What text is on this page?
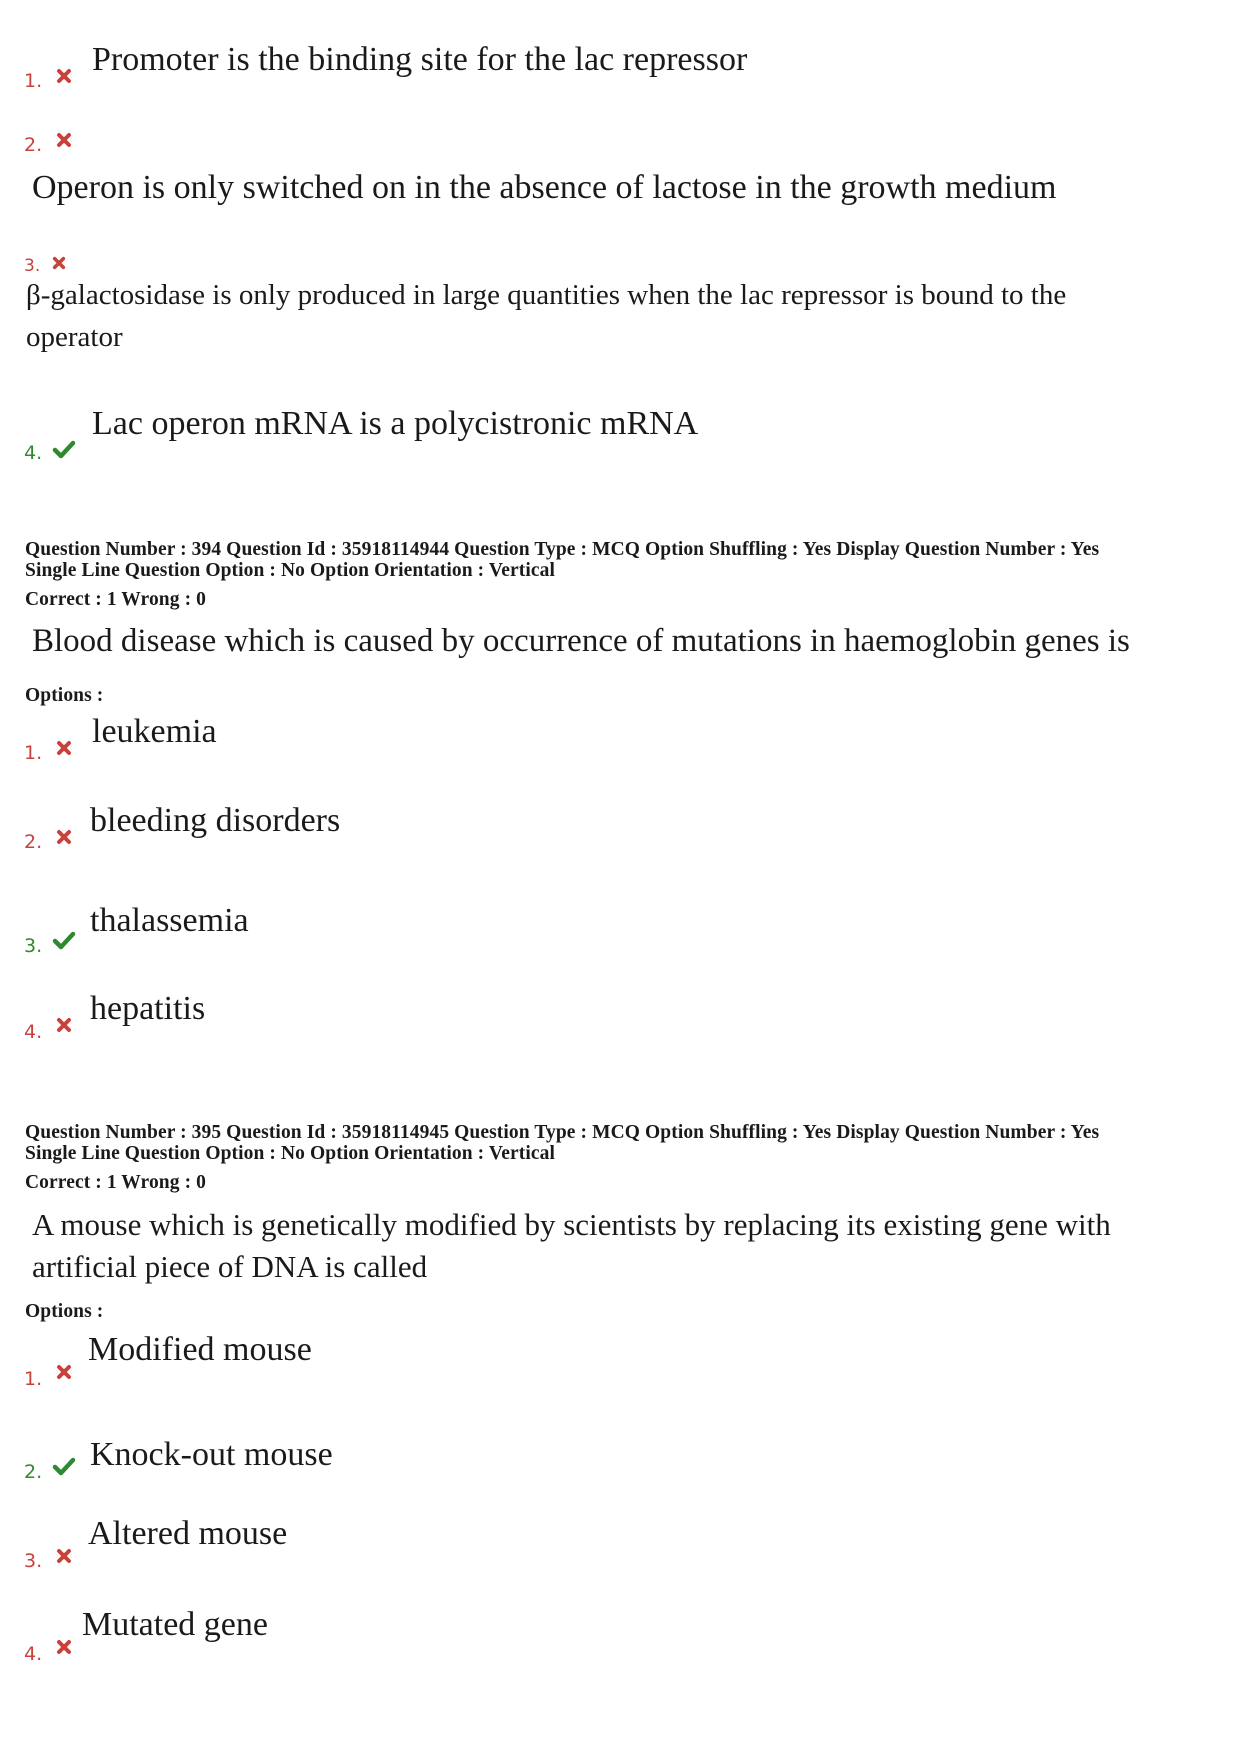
1.
Promoter is the binding site for the lac repressor
2.
Operon is only switched on in the absence of lactose in the growth medium
3.
β-galactosidase is only produced in large quantities when the lac repressor is bound to the
operator
4.
Lac operon mRNA is a polycistronic mRNA
Question Number : 394 Question Id : 35918114944 Question Type : MCQ Option Shuffling : Yes Display Question Number : Yes
Single Line Question Option : No Option Orientation : Vertical
Correct : 1 Wrong : 0
Blood disease which is caused by occurrence of mutations in haemoglobin genes is
Options :
1.
leukemia
2.
bleeding disorders
3.
thalassemia
4.
hepatitis
Question Number : 395 Question Id : 35918114945 Question Type : MCQ Option Shuffling : Yes Display Question Number : Yes
Single Line Question Option : No Option Orientation : Vertical
Correct : 1 Wrong : 0
A mouse which is genetically modified by scientists by replacing its existing gene with
artificial piece of DNA is called
Options :
1.
Modified mouse
2. Knock-out mouse
3.
Altered mouse
4.
Mutated gene
